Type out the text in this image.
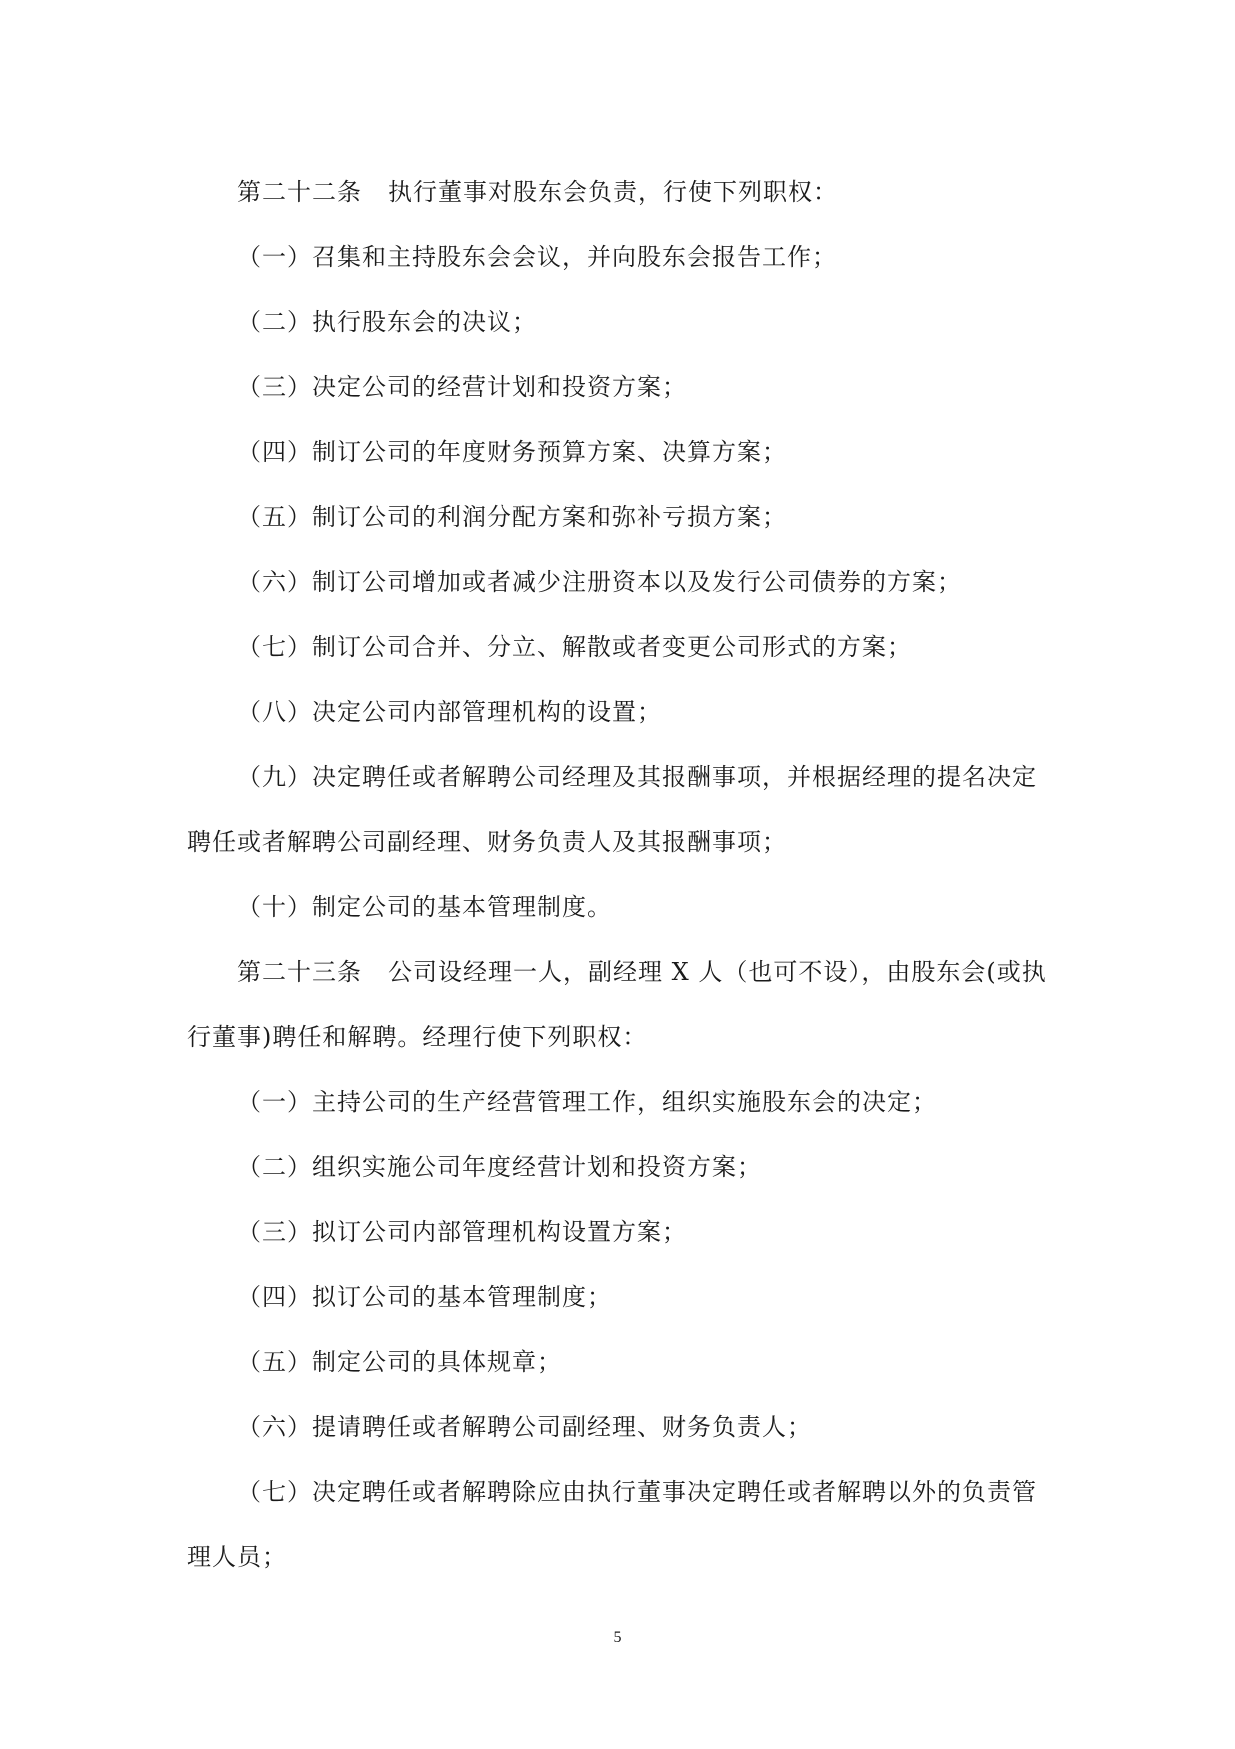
第二十二条 执行董事对股东会负责，行使下列职权：
（一）召集和主持股东会会议，并向股东会报告工作；
（二）执行股东会的决议；
（三）决定公司的经营计划和投资方案；
（四）制订公司的年度财务预算方案、决算方案；
（五）制订公司的利润分配方案和弥补亏损方案；
（六）制订公司增加或者减少注册资本以及发行公司债券的方案；
（七）制订公司合并、分立、解散或者变更公司形式的方案；
（八）决定公司内部管理机构的设置；
（九）决定聘任或者解聘公司经理及其报酬事项，并根据经理的提名决定
聘任或者解聘公司副经理、财务负责人及其报酬事项；
（十）制定公司的基本管理制度。
第二十三条 公司设经理一人，副经理 X 人（也可不设），由股东会(或执
行董事)聘任和解聘。经理行使下列职权：
（一）主持公司的生产经营管理工作，组织实施股东会的决定；
（二）组织实施公司年度经营计划和投资方案；
（三）拟订公司内部管理机构设置方案；
（四）拟订公司的基本管理制度；
（五）制定公司的具体规章；
（六）提请聘任或者解聘公司副经理、财务负责人；
（七）决定聘任或者解聘除应由执行董事决定聘任或者解聘以外的负责管
理人员；
5
